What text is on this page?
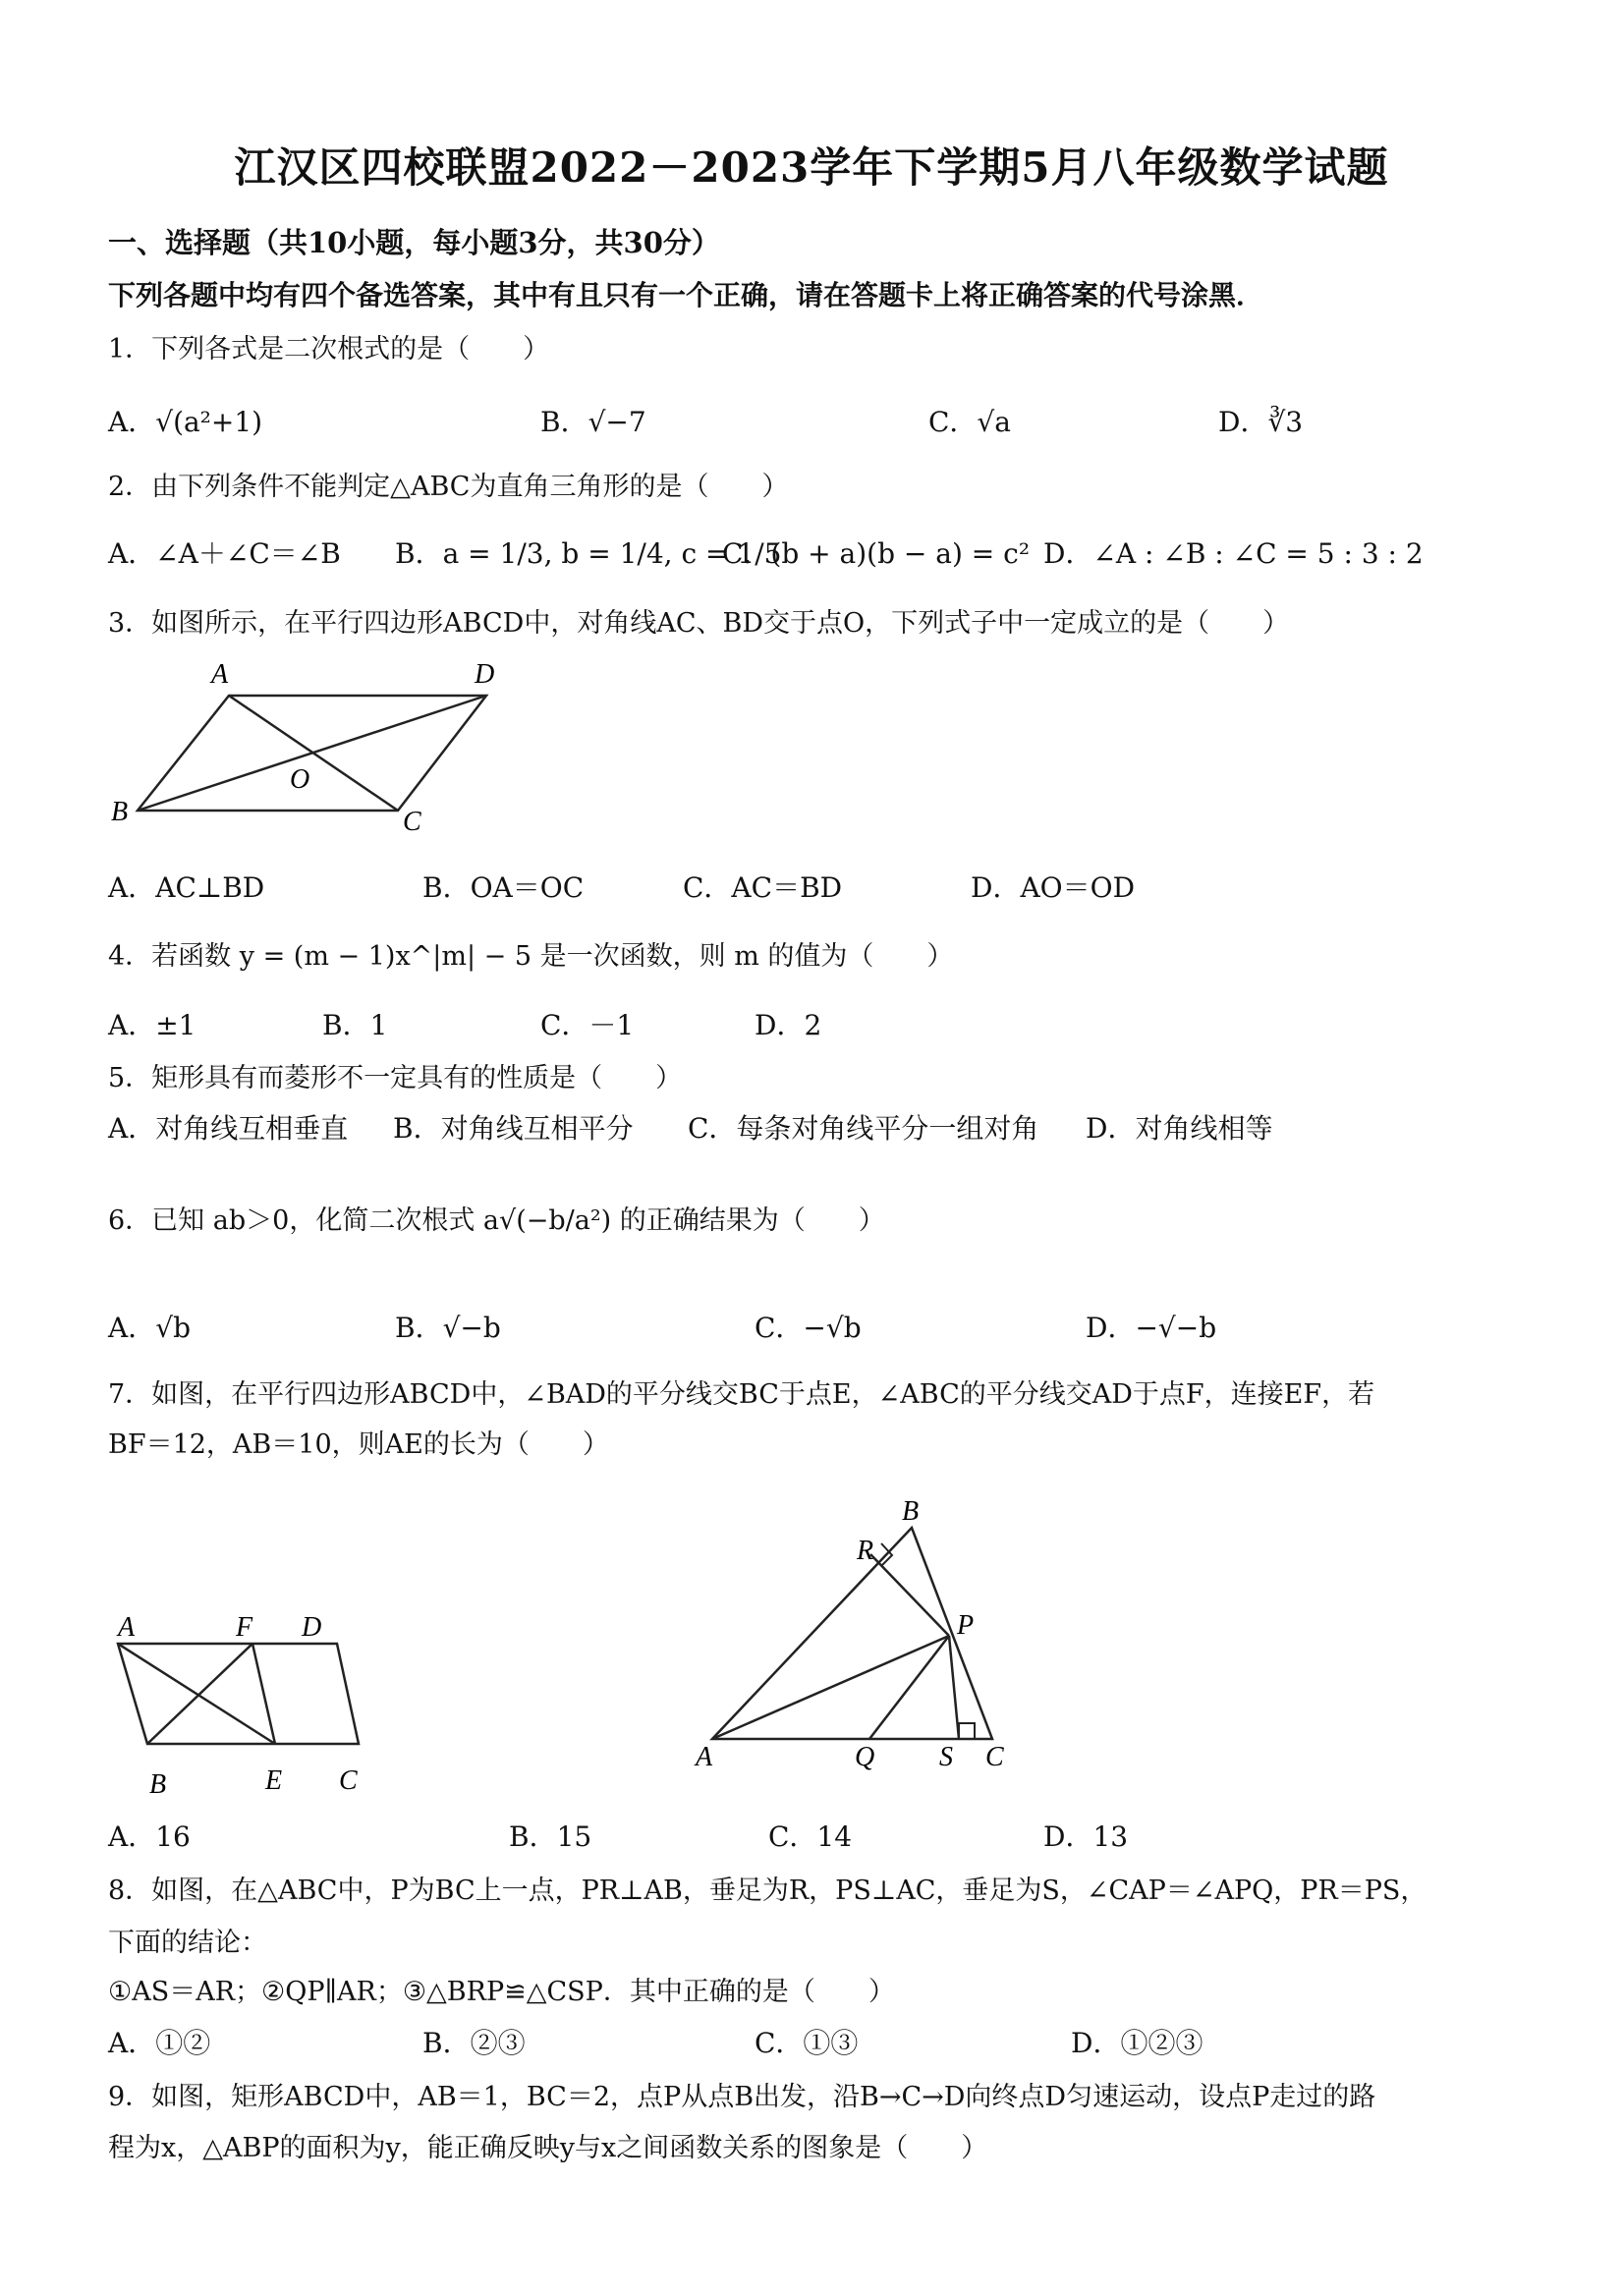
江汉区四校联盟2022－2023学年下学期5月八年级数学试题
一、选择题（共10小题，每小题3分，共30分）
下列各题中均有四个备选答案，其中有且只有一个正确，请在答题卡上将正确答案的代号涂黑．
1．下列各式是二次根式的是（　　）
A．√(a²+1)	B．√−7	C．√a	D．∛3
2．由下列条件不能判定△ABC为直角三角形的是（　　）
A．∠A＋∠C＝∠B B．a = 1/3, b = 1/4, c = 1/5
C．(b + a)(b − a) = c² D．∠A : ∠B : ∠C = 5 : 3 : 2
3．如图所示，在平行四边形ABCD中，对角线AC、BD交于点O，下列式子中一定成立的是（　　）
A	D
O
B	C
A．AC⊥BD	B．OA＝OC	C．AC＝BD	D．AO＝OD
4．若函数 y = (m − 1)x^|m| − 5 是一次函数，则 m 的值为（　　）
A．±1	B．1	C．－1	D．2
5．矩形具有而菱形不一定具有的性质是（　　）
A．对角线互相垂直 B．对角线互相平分 C．每条对角线平分一组对角 D．对角线相等
6．已知 ab＞0，化简二次根式 a√(−b/a²) 的正确结果为（　　）
A．√b	B．√−b	C．−√b	D．−√−b
7．如图，在平行四边形ABCD中，∠BAD的平分线交BC于点E，∠ABC的平分线交AD于点F，连接EF，若
BF＝12，AB＝10，则AE的长为（　　）
A	F D
B	E C
B
R
P
A	Q S C
A．16	B．15	C．14	D．13
8．如图，在△ABC中，P为BC上一点，PR⊥AB，垂足为R，PS⊥AC，垂足为S，∠CAP＝∠APQ，PR＝PS，
下面的结论：
①AS＝AR；②QP∥AR；③△BRP≌△CSP．其中正确的是（　　）
A．①②	B．②③	C．①③	D．①②③
9．如图，矩形ABCD中，AB＝1，BC＝2，点P从点B出发，沿B→C→D向终点D匀速运动，设点P走过的路
程为x，△ABP的面积为y，能正确反映y与x之间函数关系的图象是（　　）
